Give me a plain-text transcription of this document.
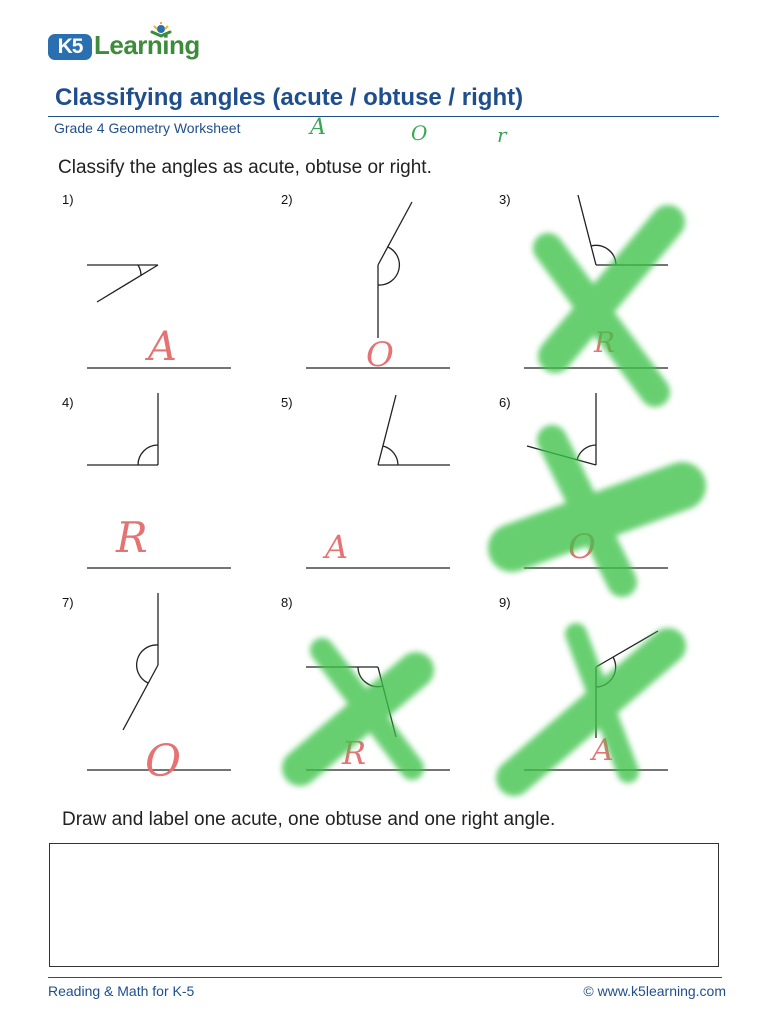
K5 Learning
Classifying angles (acute / obtuse / right)
Grade 4 Geometry Worksheet
Classify the angles as acute, obtuse or right.
1)	2)	3)
4)	5)	6)
7)	8)	9)
A	O	r
A	O	R
R	A	O
O	R	A
Draw and label one acute, one obtuse and one right angle.
Reading & Math for K-5	© www.k5learning.com
